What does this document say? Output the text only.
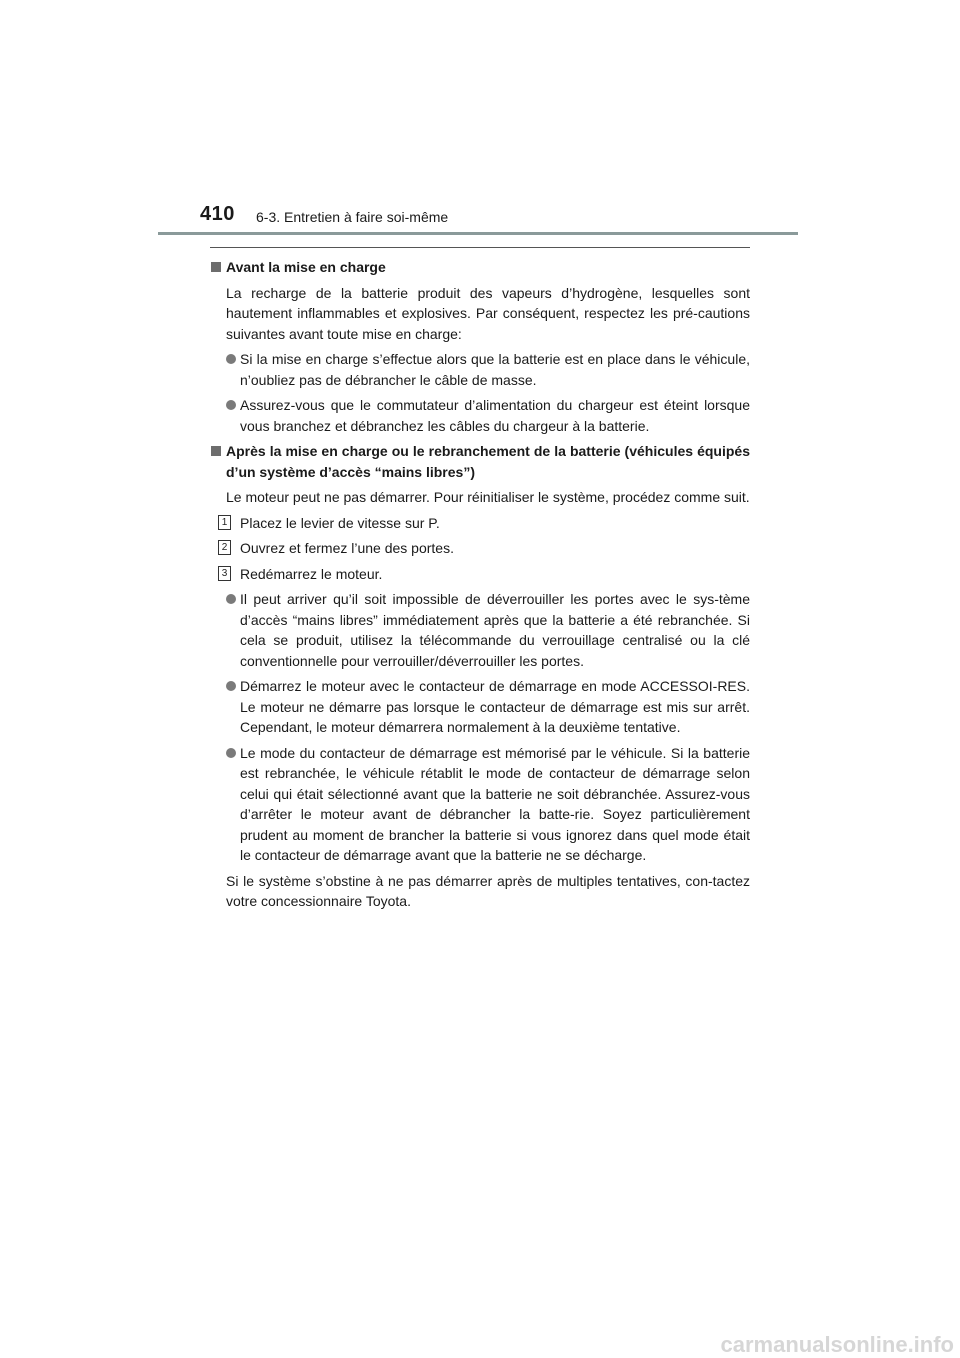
410 6-3. Entretien à faire soi-même
Avant la mise en charge
La recharge de la batterie produit des vapeurs d’hydrogène, lesquelles sont hautement inflammables et explosives. Par conséquent, respectez les pré-cautions suivantes avant toute mise en charge:
Si la mise en charge s’effectue alors que la batterie est en place dans le véhicule, n’oubliez pas de débrancher le câble de masse.
Assurez-vous que le commutateur d’alimentation du chargeur est éteint lorsque vous branchez et débranchez les câbles du chargeur à la batterie.
Après la mise en charge ou le rebranchement de la batterie (véhicules équipés d’un système d’accès “mains libres”)
Le moteur peut ne pas démarrer. Pour réinitialiser le système, procédez comme suit.
1 Placez le levier de vitesse sur P.
2 Ouvrez et fermez l’une des portes.
3 Redémarrez le moteur.
Il peut arriver qu’il soit impossible de déverrouiller les portes avec le sys-tème d’accès “mains libres” immédiatement après que la batterie a été rebranchée. Si cela se produit, utilisez la télécommande du verrouillage centralisé ou la clé conventionnelle pour verrouiller/déverrouiller les portes.
Démarrez le moteur avec le contacteur de démarrage en mode ACCESSOI-RES. Le moteur ne démarre pas lorsque le contacteur de démarrage est mis sur arrêt. Cependant, le moteur démarrera normalement à la deuxième tentative.
Le mode du contacteur de démarrage est mémorisé par le véhicule. Si la batterie est rebranchée, le véhicule rétablit le mode de contacteur de démarrage selon celui qui était sélectionné avant que la batterie ne soit débranchée. Assurez-vous d’arrêter le moteur avant de débrancher la batte-rie. Soyez particulièrement prudent au moment de brancher la batterie si vous ignorez dans quel mode était le contacteur de démarrage avant que la batterie ne se décharge.
Si le système s’obstine à ne pas démarrer après de multiples tentatives, con-tactez votre concessionnaire Toyota.
carmanualsonline.info
